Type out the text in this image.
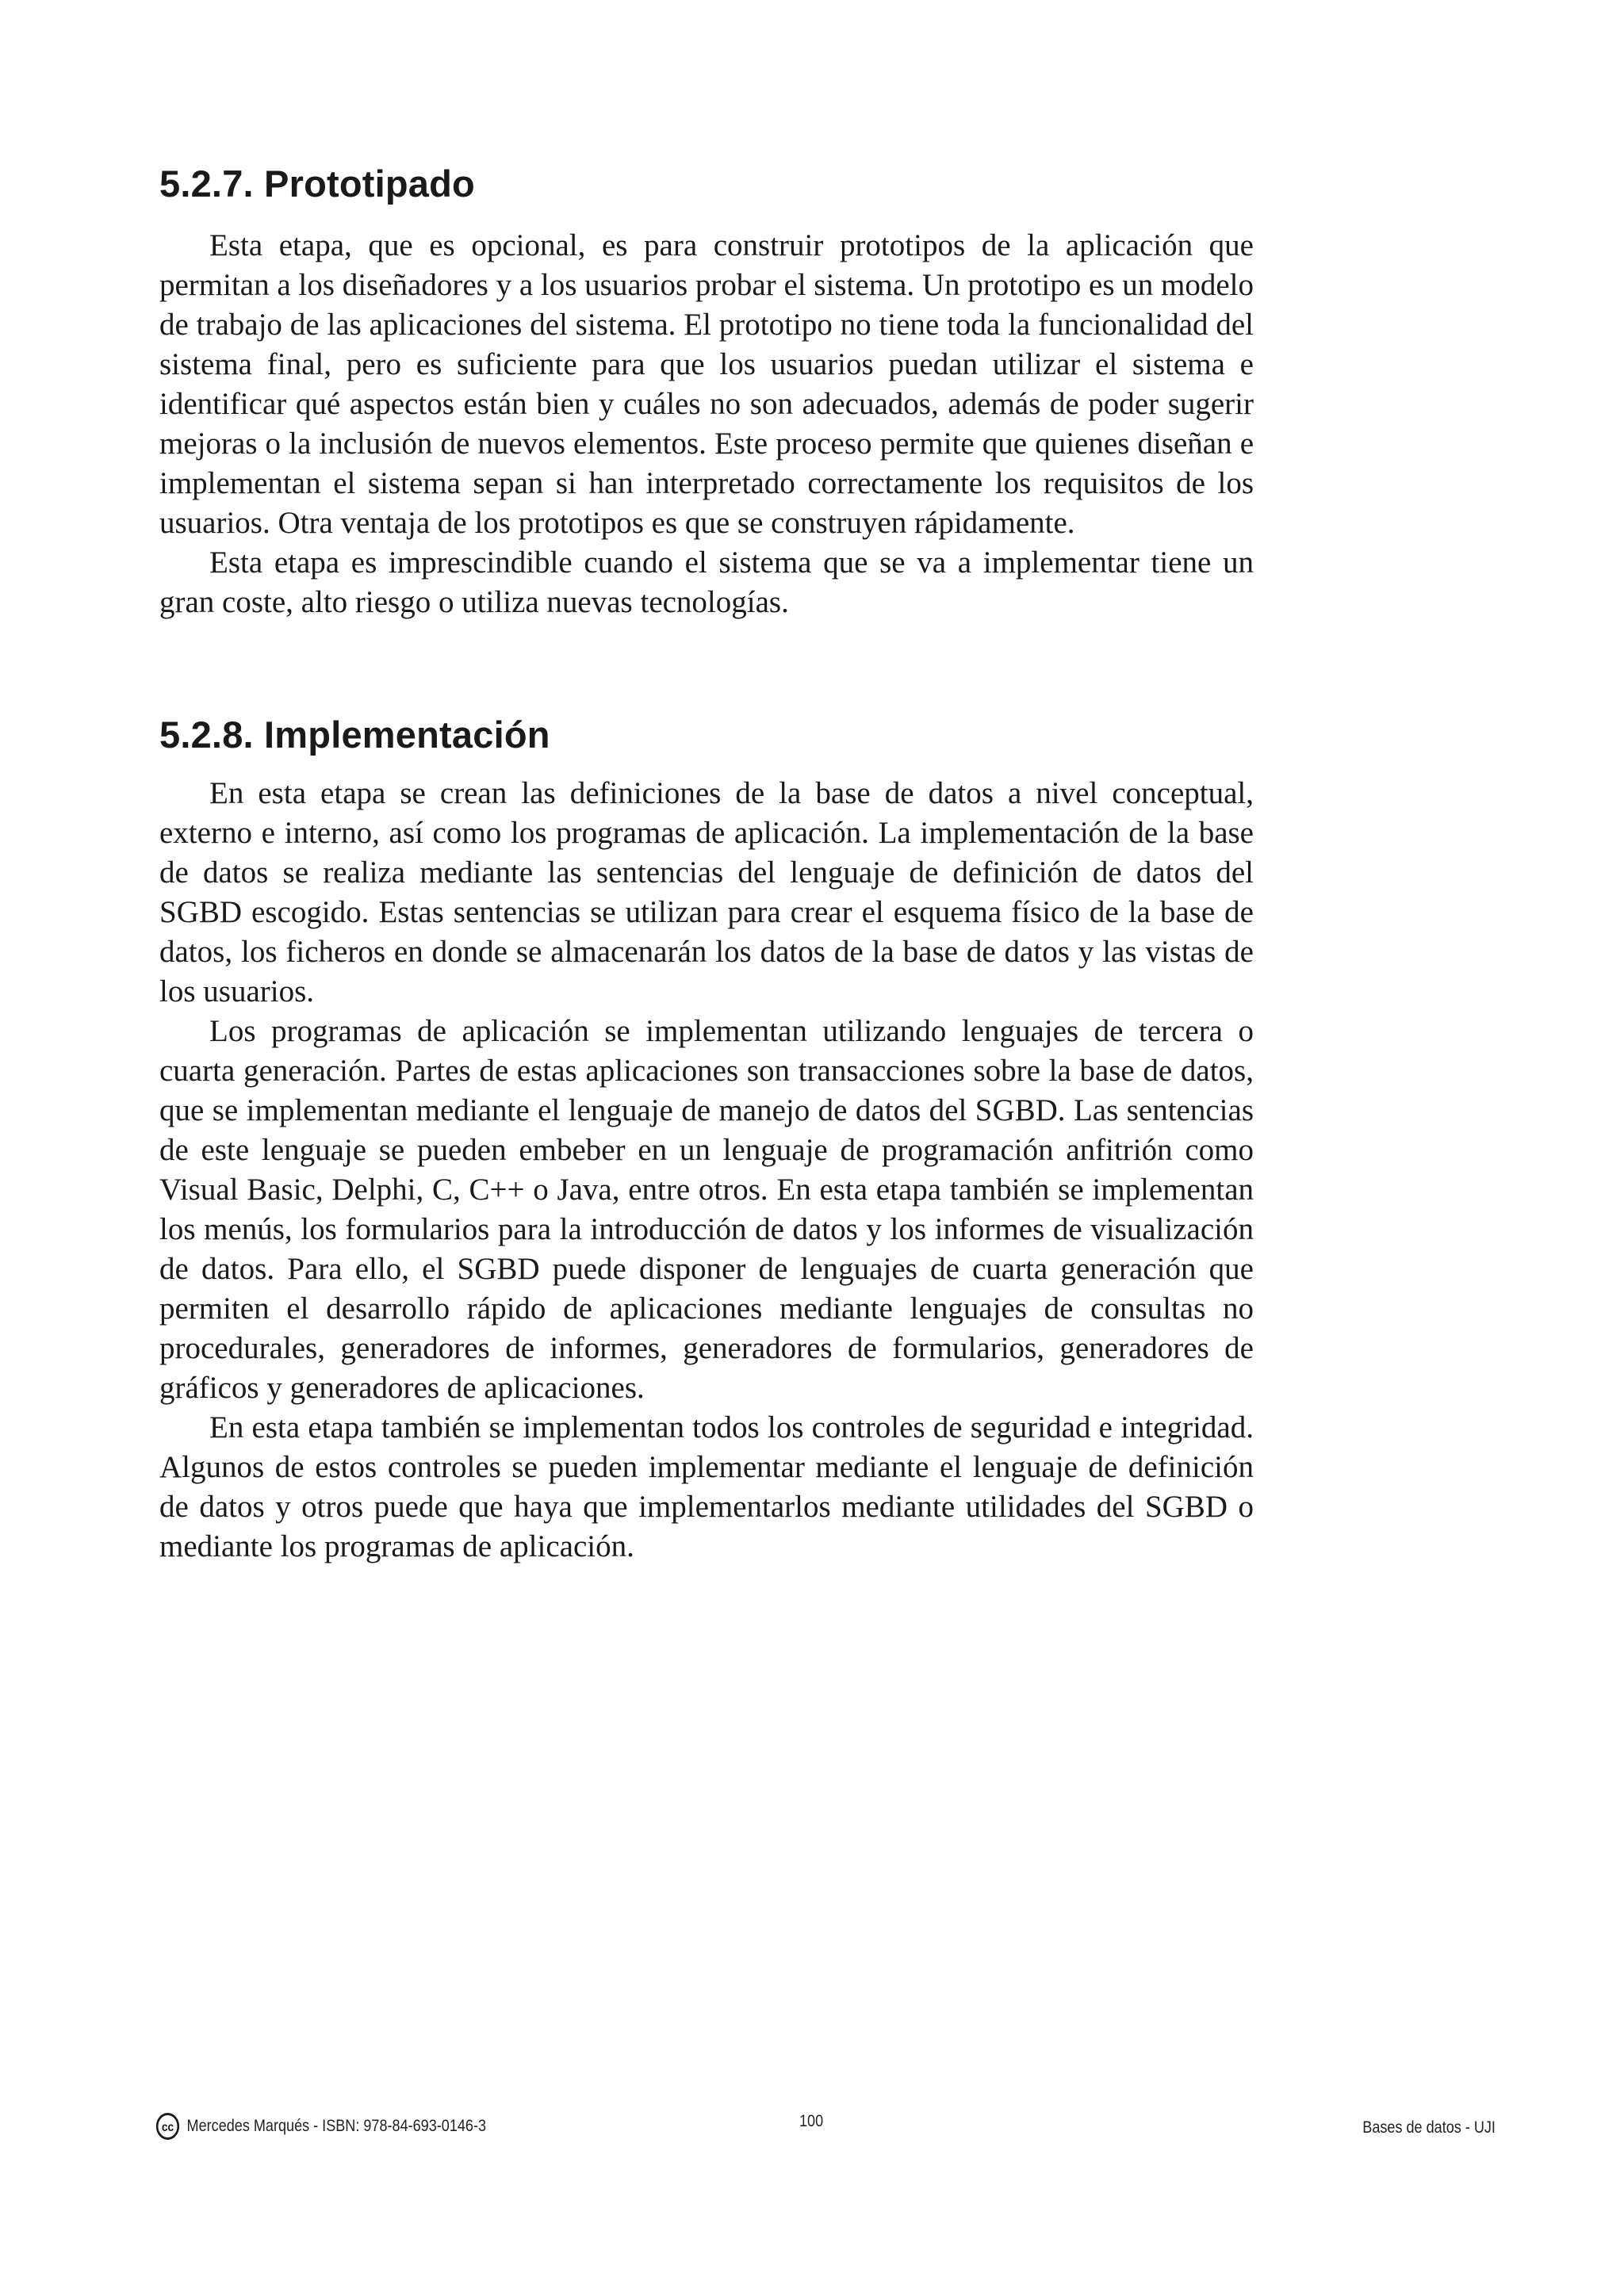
5.2.7. Prototipado

Esta etapa, que es opcional, es para construir prototipos de la aplicación que permitan a los diseñadores y a los usuarios probar el sistema. Un prototipo es un modelo de trabajo de las aplicaciones del sistema. El prototipo no tiene toda la funcionalidad del sistema final, pero es suficiente para que los usuarios puedan utilizar el sistema e identificar qué aspectos están bien y cuáles no son adecuados, además de poder sugerir mejoras o la inclusión de nuevos elementos. Este proceso permite que quienes diseñan e implementan el sistema sepan si han interpretado correctamente los requisitos de los usuarios. Otra ventaja de los prototipos es que se construyen rápidamente.

Esta etapa es imprescindible cuando el sistema que se va a implementar tiene un gran coste, alto riesgo o utiliza nuevas tecnologías.

5.2.8. Implementación

En esta etapa se crean las definiciones de la base de datos a nivel conceptual, externo e interno, así como los programas de aplicación. La implementación de la base de datos se realiza mediante las sentencias del lenguaje de definición de datos del SGBD escogido. Estas sentencias se utilizan para crear el esquema físico de la base de datos, los ficheros en donde se almacenarán los datos de la base de datos y las vistas de los usuarios.

Los programas de aplicación se implementan utilizando lenguajes de tercera o cuarta generación. Partes de estas aplicaciones son transacciones sobre la base de datos, que se implementan mediante el lenguaje de manejo de datos del SGBD. Las sentencias de este lenguaje se pueden embeber en un lenguaje de programación anfitrión como Visual Basic, Delphi, C, C++ o Java, entre otros. En esta etapa también se implementan los menús, los formularios para la introducción de datos y los informes de visualización de datos. Para ello, el SGBD puede disponer de lenguajes de cuarta generación que permiten el desarrollo rápido de aplicaciones mediante lenguajes de consultas no procedurales, generadores de informes, generadores de formularios, generadores de gráficos y generadores de aplicaciones.

En esta etapa también se implementan todos los controles de seguridad e integridad. Algunos de estos controles se pueden implementar mediante el lenguaje de definición de datos y otros puede que haya que implementarlos mediante utilidades del SGBD o mediante los programas de aplicación.

cc Mercedes Marqués - ISBN: 978-84-693-0146-3	100	Bases de datos - UJI
